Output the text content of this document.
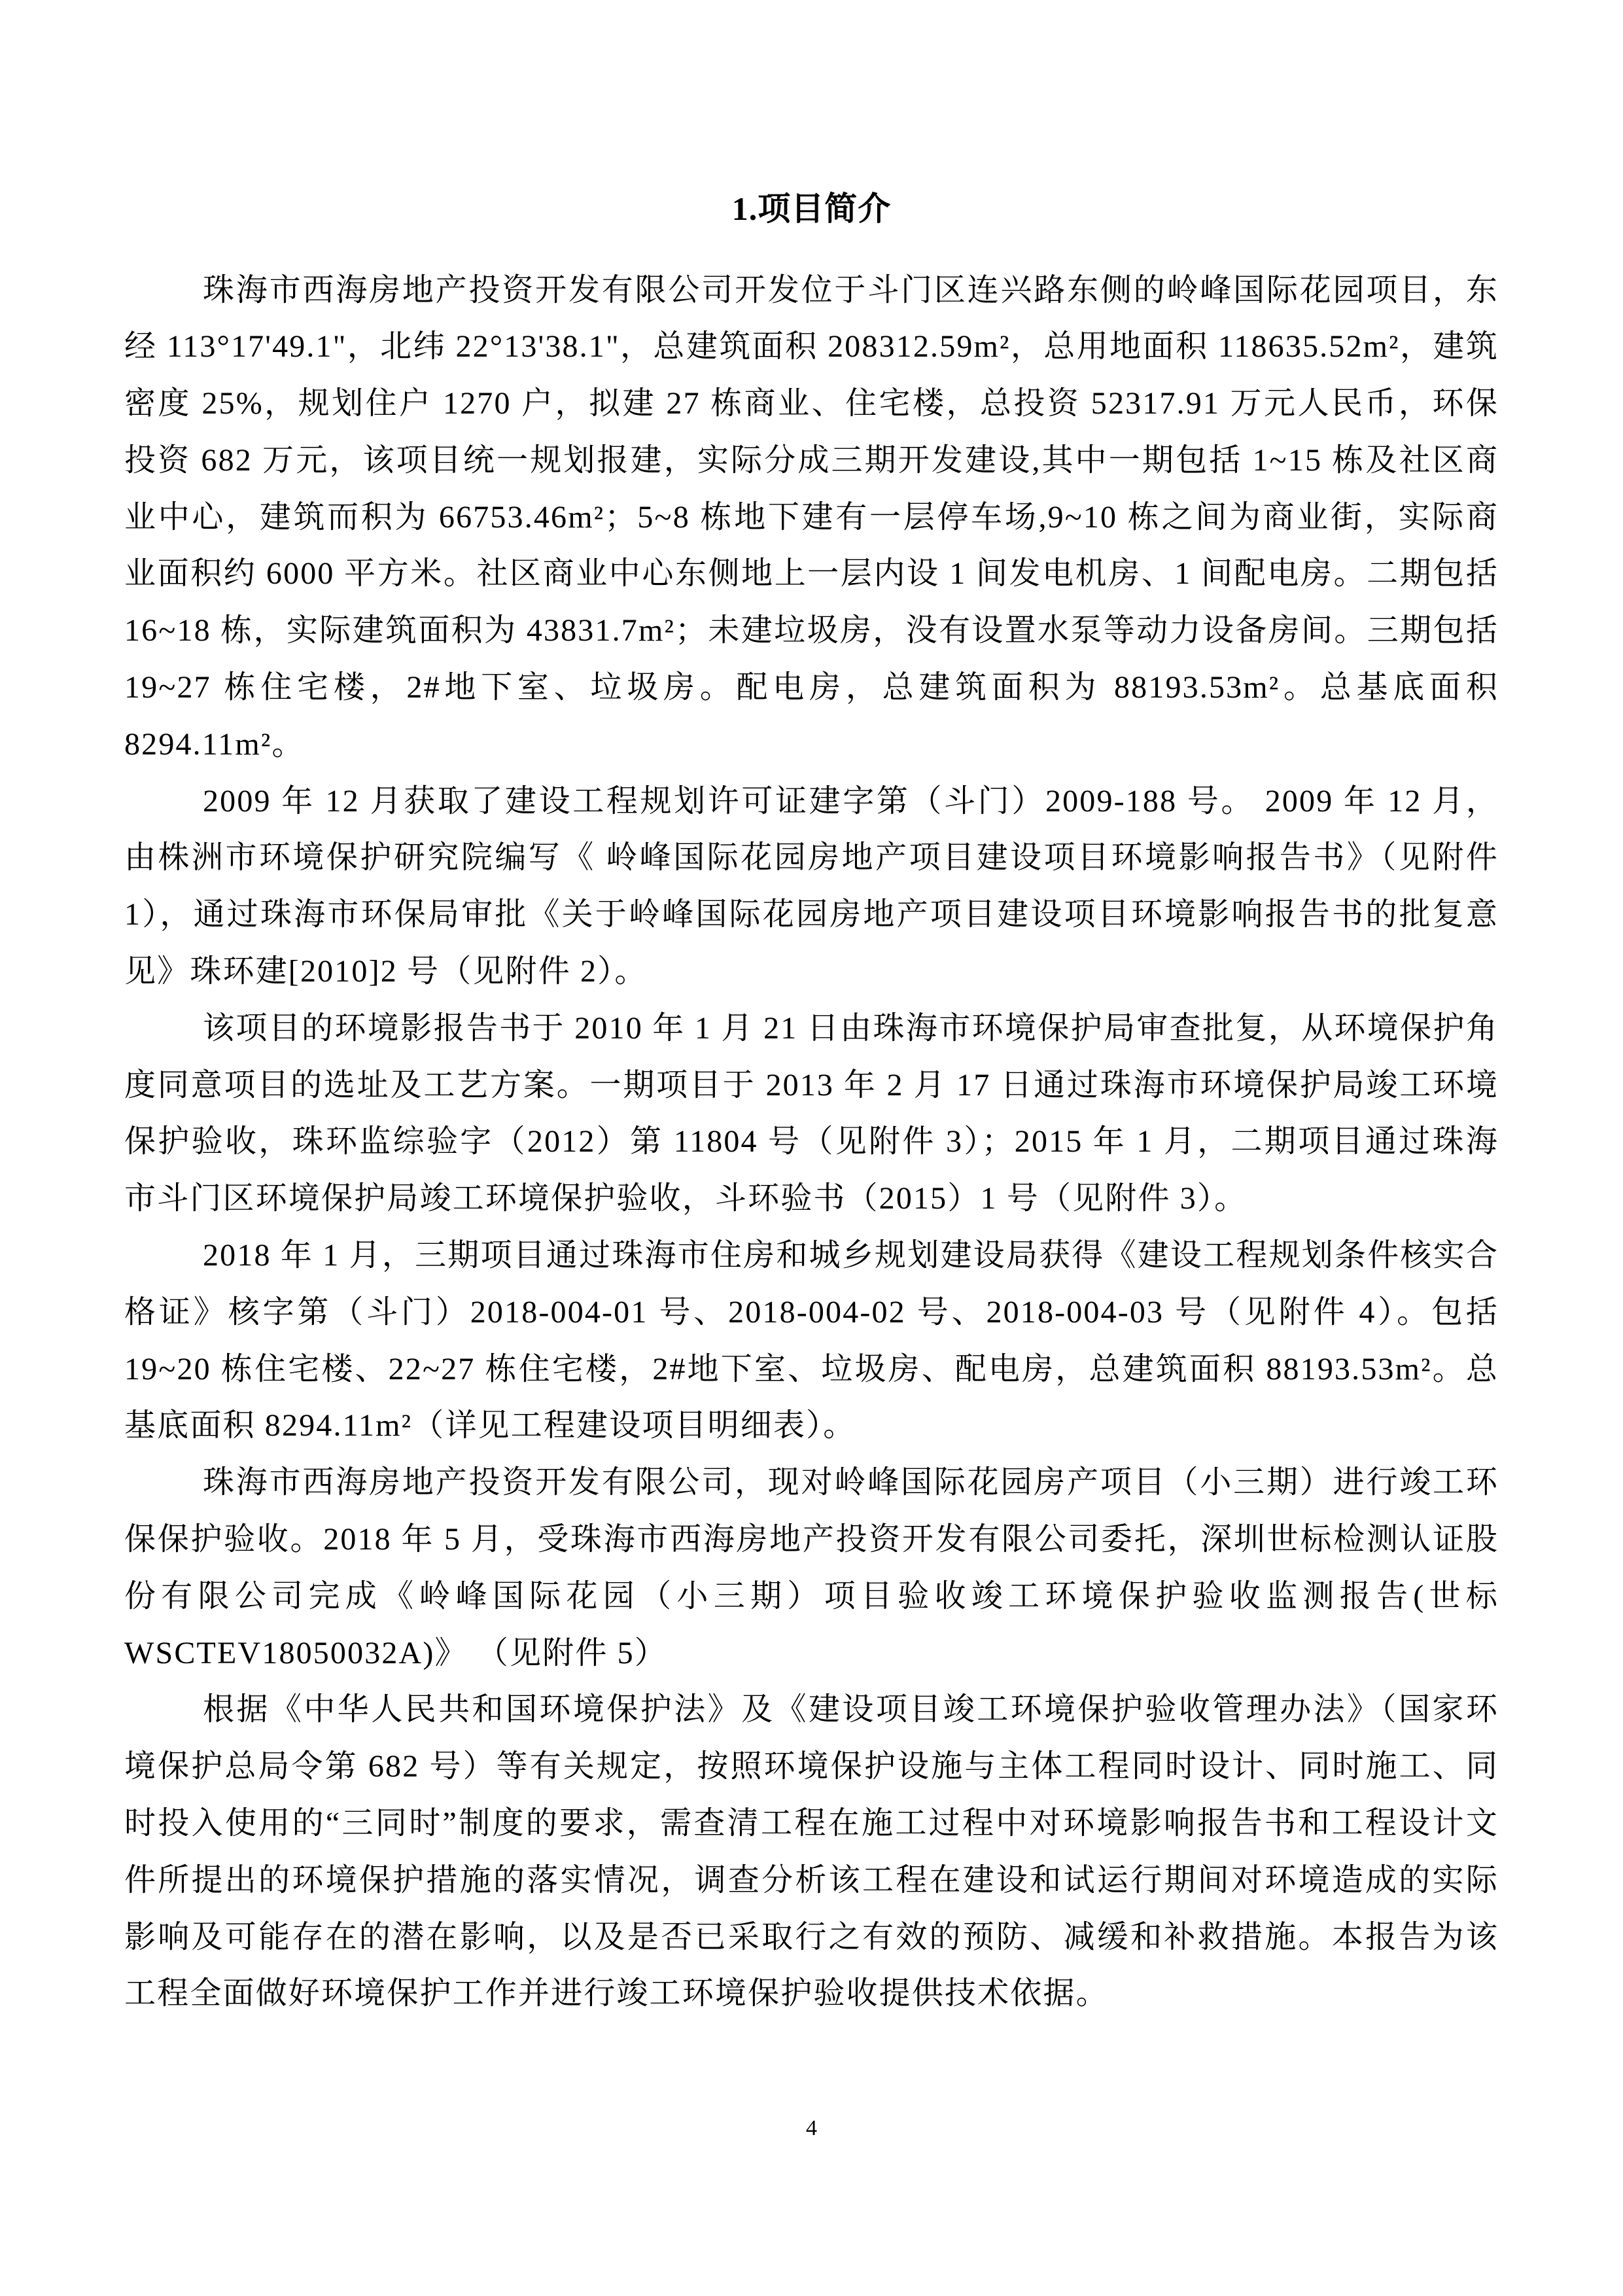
1.项目简介

珠海市西海房地产投资开发有限公司开发位于斗门区连兴路东侧的岭峰国际花园项目，东经 113°17'49.1"，北纬 22°13'38.1"，总建筑面积 208312.59m²，总用地面积 118635.52m²，建筑密度 25%，规划住户 1270 户，拟建 27 栋商业、住宅楼，总投资 52317.91 万元人民币，环保投资 682 万元，该项目统一规划报建，实际分成三期开发建设,其中一期包括 1~15 栋及社区商业中心，建筑而积为 66753.46m²；5~8 栋地下建有一层停车场,9~10 栋之间为商业街，实际商业面积约 6000 平方米。社区商业中心东侧地上一层内设 1 间发电机房、1 间配电房。二期包括 16~18 栋，实际建筑面积为 43831.7m²；未建垃圾房，没有设置水泵等动力设备房间。三期包括 19~27 栋住宅楼，2#地下室、垃圾房。配电房，总建筑面积为 88193.53m²。总基底面积 8294.11m²。

2009 年 12 月获取了建设工程规划许可证建字第（斗门）2009-188 号。 2009 年 12 月，由株洲市环境保护研究院编写《 岭峰国际花园房地产项目建设项目环境影响报告书》（见附件 1），通过珠海市环保局审批《关于岭峰国际花园房地产项目建设项目环境影响报告书的批复意见》珠环建[2010]2 号（见附件 2）。

该项目的环境影报告书于 2010 年 1 月 21 日由珠海市环境保护局审查批复，从环境保护角度同意项目的选址及工艺方案。一期项目于 2013 年 2 月 17 日通过珠海市环境保护局竣工环境保护验收，珠环监综验字（2012）第 11804 号（见附件 3）；2015 年 1 月，二期项目通过珠海市斗门区环境保护局竣工环境保护验收，斗环验书（2015）1 号（见附件 3）。

2018 年 1 月，三期项目通过珠海市住房和城乡规划建设局获得《建设工程规划条件核实合格证》核字第（斗门）2018-004-01 号、2018-004-02 号、2018-004-03 号（见附件 4）。包括 19~20 栋住宅楼、22~27 栋住宅楼，2#地下室、垃圾房、配电房，总建筑面积 88193.53m²。总基底面积 8294.11m²（详见工程建设项目明细表）。

珠海市西海房地产投资开发有限公司，现对岭峰国际花园房产项目（小三期）进行竣工环保保护验收。2018 年 5 月，受珠海市西海房地产投资开发有限公司委托，深圳世标检测认证股份有限公司完成《岭峰国际花园（小三期）项目验收竣工环境保护验收监测报告(世标 WSCTEV18050032A)》 （见附件 5）

根据《中华人民共和国环境保护法》及《建设项目竣工环境保护验收管理办法》（国家环境保护总局令第 682 号）等有关规定，按照环境保护设施与主体工程同时设计、同时施工、同时投入使用的“三同时”制度的要求，需查清工程在施工过程中对环境影响报告书和工程设计文件所提出的环境保护措施的落实情况，调查分析该工程在建设和试运行期间对环境造成的实际影响及可能存在的潜在影响，以及是否已采取行之有效的预防、减缓和补救措施。本报告为该工程全面做好环境保护工作并进行竣工环境保护验收提供技术依据。

4
